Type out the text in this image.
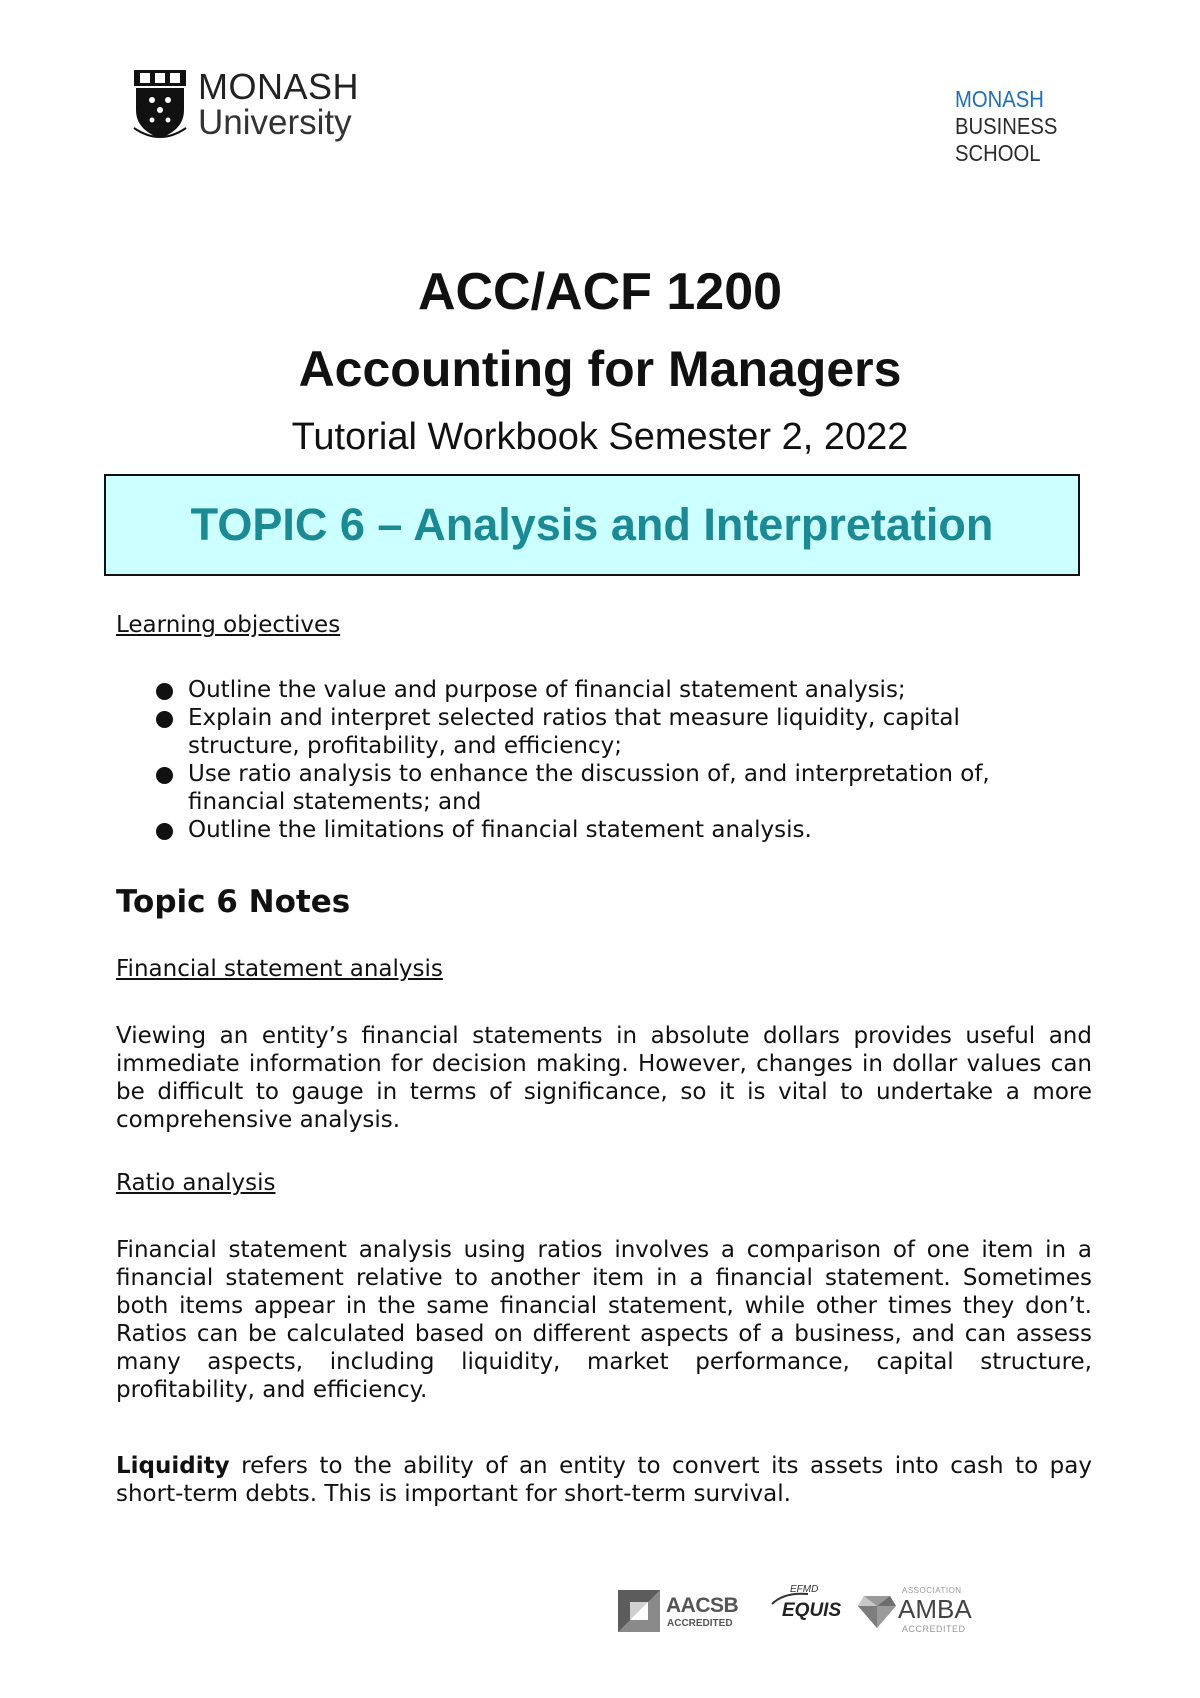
MONASH
University
MONASH
BUSINESS
SCHOOL
ACC/ACF 1200
Accounting for Managers
Tutorial Workbook Semester 2, 2022
TOPIC 6 – Analysis and Interpretation
Learning objectives
Outline the value and purpose of financial statement analysis;
Explain and interpret selected ratios that measure liquidity, capital structure, profitability, and efficiency;
Use ratio analysis to enhance the discussion of, and interpretation of, financial statements; and
Outline the limitations of financial statement analysis.
Topic 6 Notes
Financial statement analysis
Viewing an entity’s financial statements in absolute dollars provides useful and immediate information for decision making. However, changes in dollar values can be difficult to gauge in terms of significance, so it is vital to undertake a more comprehensive analysis.
Ratio analysis
Financial statement analysis using ratios involves a comparison of one item in a financial statement relative to another item in a financial statement. Sometimes both items appear in the same financial statement, while other times they don’t. Ratios can be calculated based on different aspects of a business, and can assess many aspects, including liquidity, market performance, capital structure, profitability, and efficiency.
Liquidity refers to the ability of an entity to convert its assets into cash to pay short-term debts. This is important for short-term survival.
AACSB
ACCREDITED
EFMD
EQUIS
ASSOCIATION
AMBA
ACCREDITED
